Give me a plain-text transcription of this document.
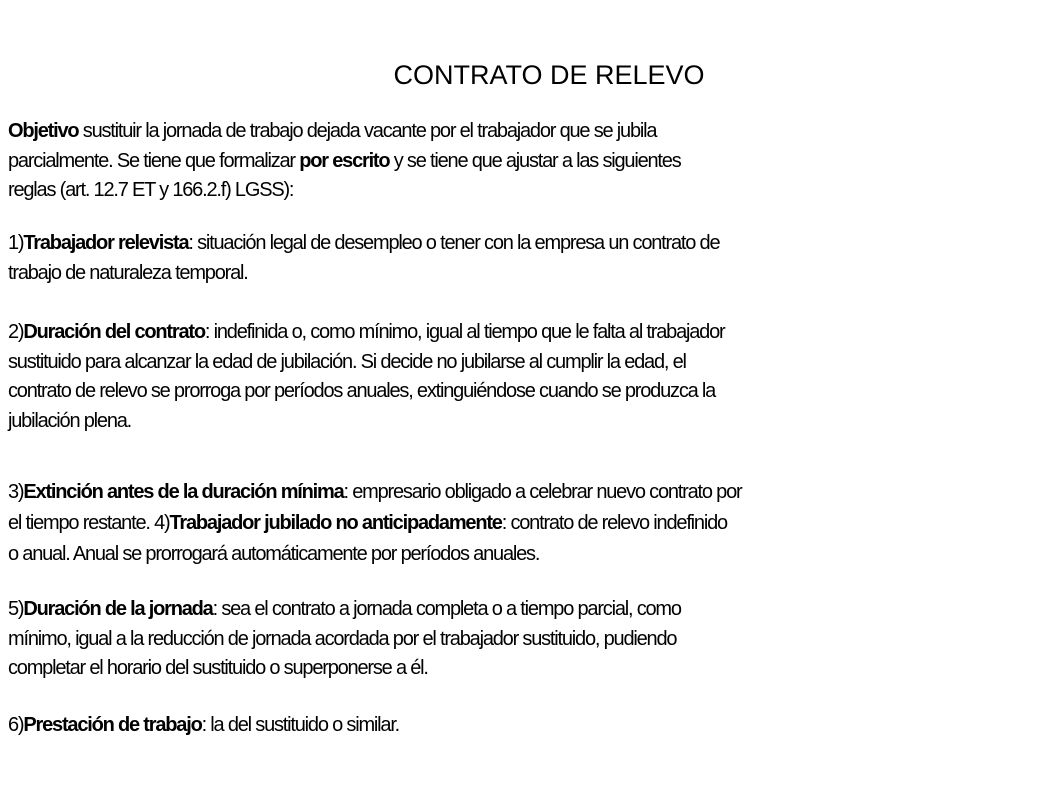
CONTRATO DE RELEVO

Objetivo sustituir la jornada de trabajo dejada vacante por el trabajador que se jubila
parcialmente. Se tiene que formalizar por escrito y se tiene que ajustar a las siguientes
reglas (art. 12.7 ET y 166.2.f) LGSS):

1)Trabajador relevista: situación legal de desempleo o tener con la empresa un contrato de
trabajo de naturaleza temporal.

2)Duración del contrato: indefinida o, como mínimo, igual al tiempo que le falta al trabajador
sustituido para alcanzar la edad de jubilación. Si decide no jubilarse al cumplir la edad, el
contrato de relevo se prorroga por períodos anuales, extinguiéndose cuando se produzca la
jubilación plena.

3)Extinción antes de la duración mínima: empresario obligado a celebrar nuevo contrato por
el tiempo restante. 4)Trabajador jubilado no anticipadamente: contrato de relevo indefinido
o anual. Anual se prorrogará automáticamente por períodos anuales.

5)Duración de la jornada: sea el contrato a jornada completa o a tiempo parcial, como
mínimo, igual a la reducción de jornada acordada por el trabajador sustituido, pudiendo
completar el horario del sustituido o superponerse a él.

6)Prestación de trabajo: la del sustituido o similar.
